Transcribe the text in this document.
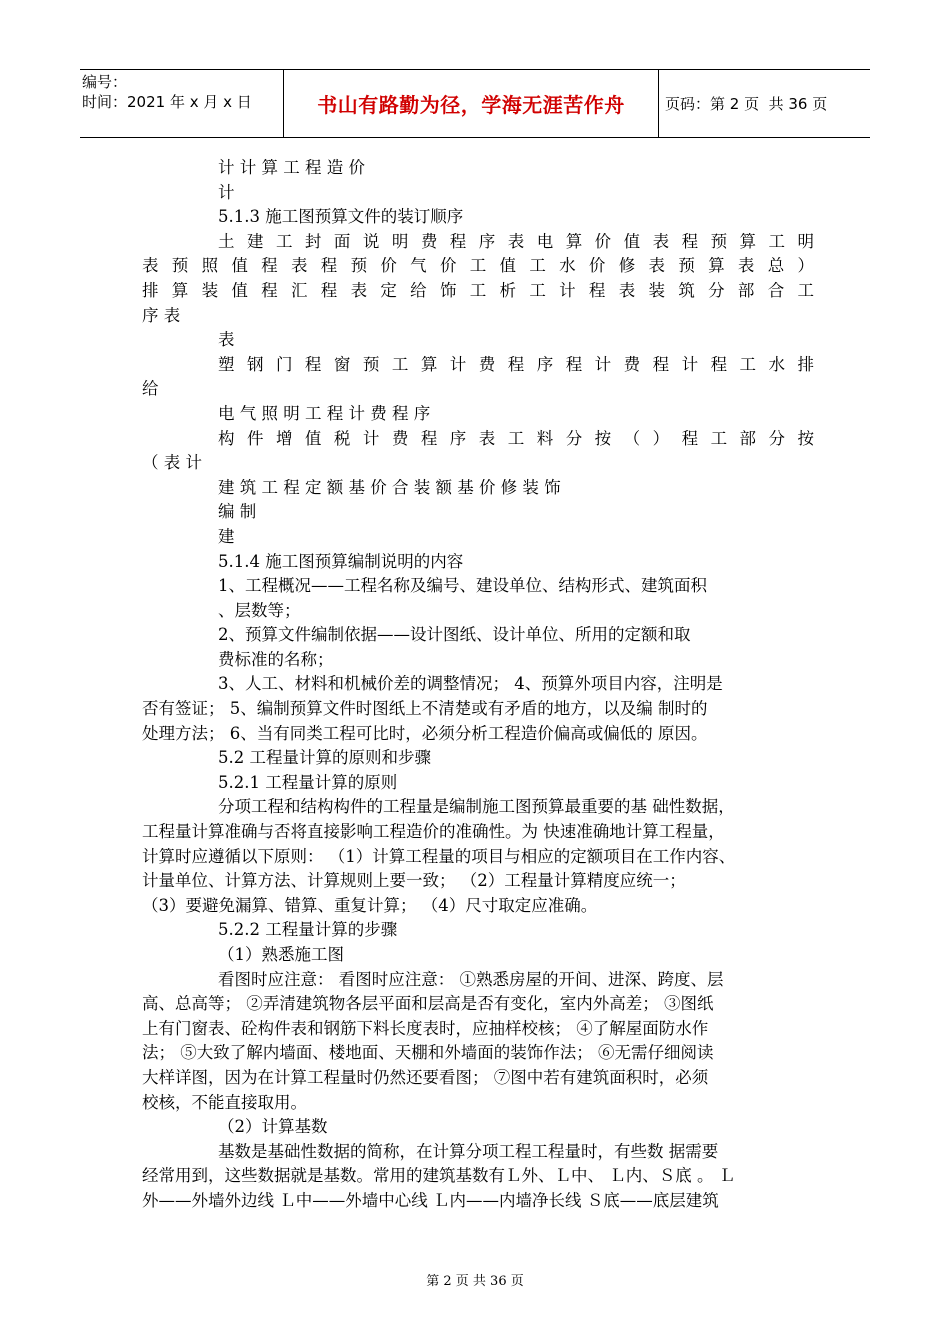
编号：
时间：2021 年 x 月 x 日	书山有路勤为径，学海无涯苦作舟	页码：第 2 页  共 36 页
计 计 算 工 程 造 价
计
5.1.3 施工图预算文件的装订顺序
土 建 工 封 面 说 明 费 程 序 表 电 算 价 值 表 程 预 算 工 明
表 预 照 值 程 表 程 预 价 气 价 工 值 工 水 价 修 表 预 算 表 总 ）
排 算 装 值 程 汇 程 表 定 给 饰 工 析 工 计 程 表 装 筑 分 部 合 工
序 表
表
塑 钢 门 程 窗 预 工 算 计 费 程 序 程 计 费 程 计 程 工 水 排
给
电 气 照 明 工 程 计 费 程 序
构 件 增 值 税 计 费 程 序 表 工 料 分 按 （ ） 程 工 部 分 按
（ 表 计
建 筑 工 程 定 额 基 价 合 装 额 基 价 修 装 饰
编 制
建
5.1.4 施工图预算编制说明的内容
1、工程概况——工程名称及编号、建设单位、结构形式、建筑面积
、层数等；
2、预算文件编制依据——设计图纸、设计单位、所用的定额和取
费标准的名称；
3、人工、材料和机械价差的调整情况； 4、预算外项目内容，注明是
否有签证； 5、编制预算文件时图纸上不清楚或有矛盾的地方，以及编 制时的
处理方法； 6、当有同类工程可比时，必须分析工程造价偏高或偏低的 原因。
5.2 工程量计算的原则和步骤
5.2.1 工程量计算的原则
分项工程和结构构件的工程量是编制施工图预算最重要的基 础性数据，
工程量计算准确与否将直接影响工程造价的准确性。为 快速准确地计算工程量，
计算时应遵循以下原则： （1）计算工程量的项目与相应的定额项目在工作内容、
计量单位、计算方法、计算规则上要一致； （2）工程量计算精度应统一；
（3）要避免漏算、错算、重复计算； （4）尺寸取定应准确。
5.2.2 工程量计算的步骤
（1）熟悉施工图
看图时应注意： 看图时应注意： ①熟悉房屋的开间、进深、跨度、层
高、总高等； ②弄清建筑物各层平面和层高是否有变化，室内外高差； ③图纸
上有门窗表、砼构件表和钢筋下料长度表时，应抽样校核； ④了解屋面防水作
法； ⑤大致了解内墙面、楼地面、天棚和外墙面的装饰作法； ⑥无需仔细阅读
大样详图，因为在计算工程量时仍然还要看图； ⑦图中若有建筑面积时，必须
校核，不能直接取用。
（2）计算基数
基数是基础性数据的简称，在计算分项工程工程量时，有些数 据需要
经常用到，这些数据就是基数。常用的建筑基数有Ｌ外、Ｌ中、 Ｌ内、Ｓ底 。 Ｌ
外——外墙外边线 Ｌ中——外墙中心线 Ｌ内——内墙净长线 Ｓ底——底层建筑
第 2 页 共 36 页
